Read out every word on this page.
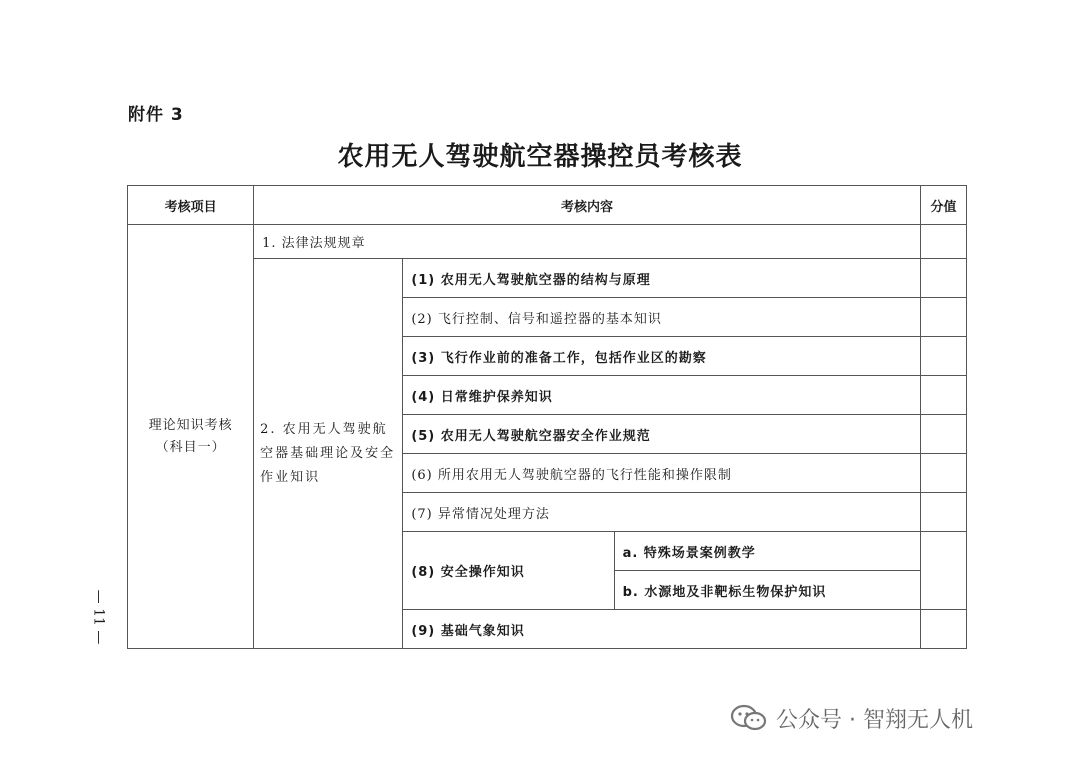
附件 3
农用无人驾驶航空器操控员考核表
考核项目	考核内容			分值

理论知识考核
（科目一）	1. 法律法规规章			
	2. 农用无人驾驶航空器基础理论及安全作业知识	(1) 农用无人驾驶航空器的结构与原理		
		(2) 飞行控制、信号和遥控器的基本知识		
		(3) 飞行作业前的准备工作，包括作业区的勘察		
		(4) 日常维护保养知识		
		(5) 农用无人驾驶航空器安全作业规范		
		(6) 所用农用无人驾驶航空器的飞行性能和操作限制		
		(7) 异常情况处理方法		
		(8) 安全操作知识	a. 特殊场景案例教学	
			b. 水源地及非靶标生物保护知识	
		(9) 基础气象知识		
— 11 —
公众号 · 智翔无人机
